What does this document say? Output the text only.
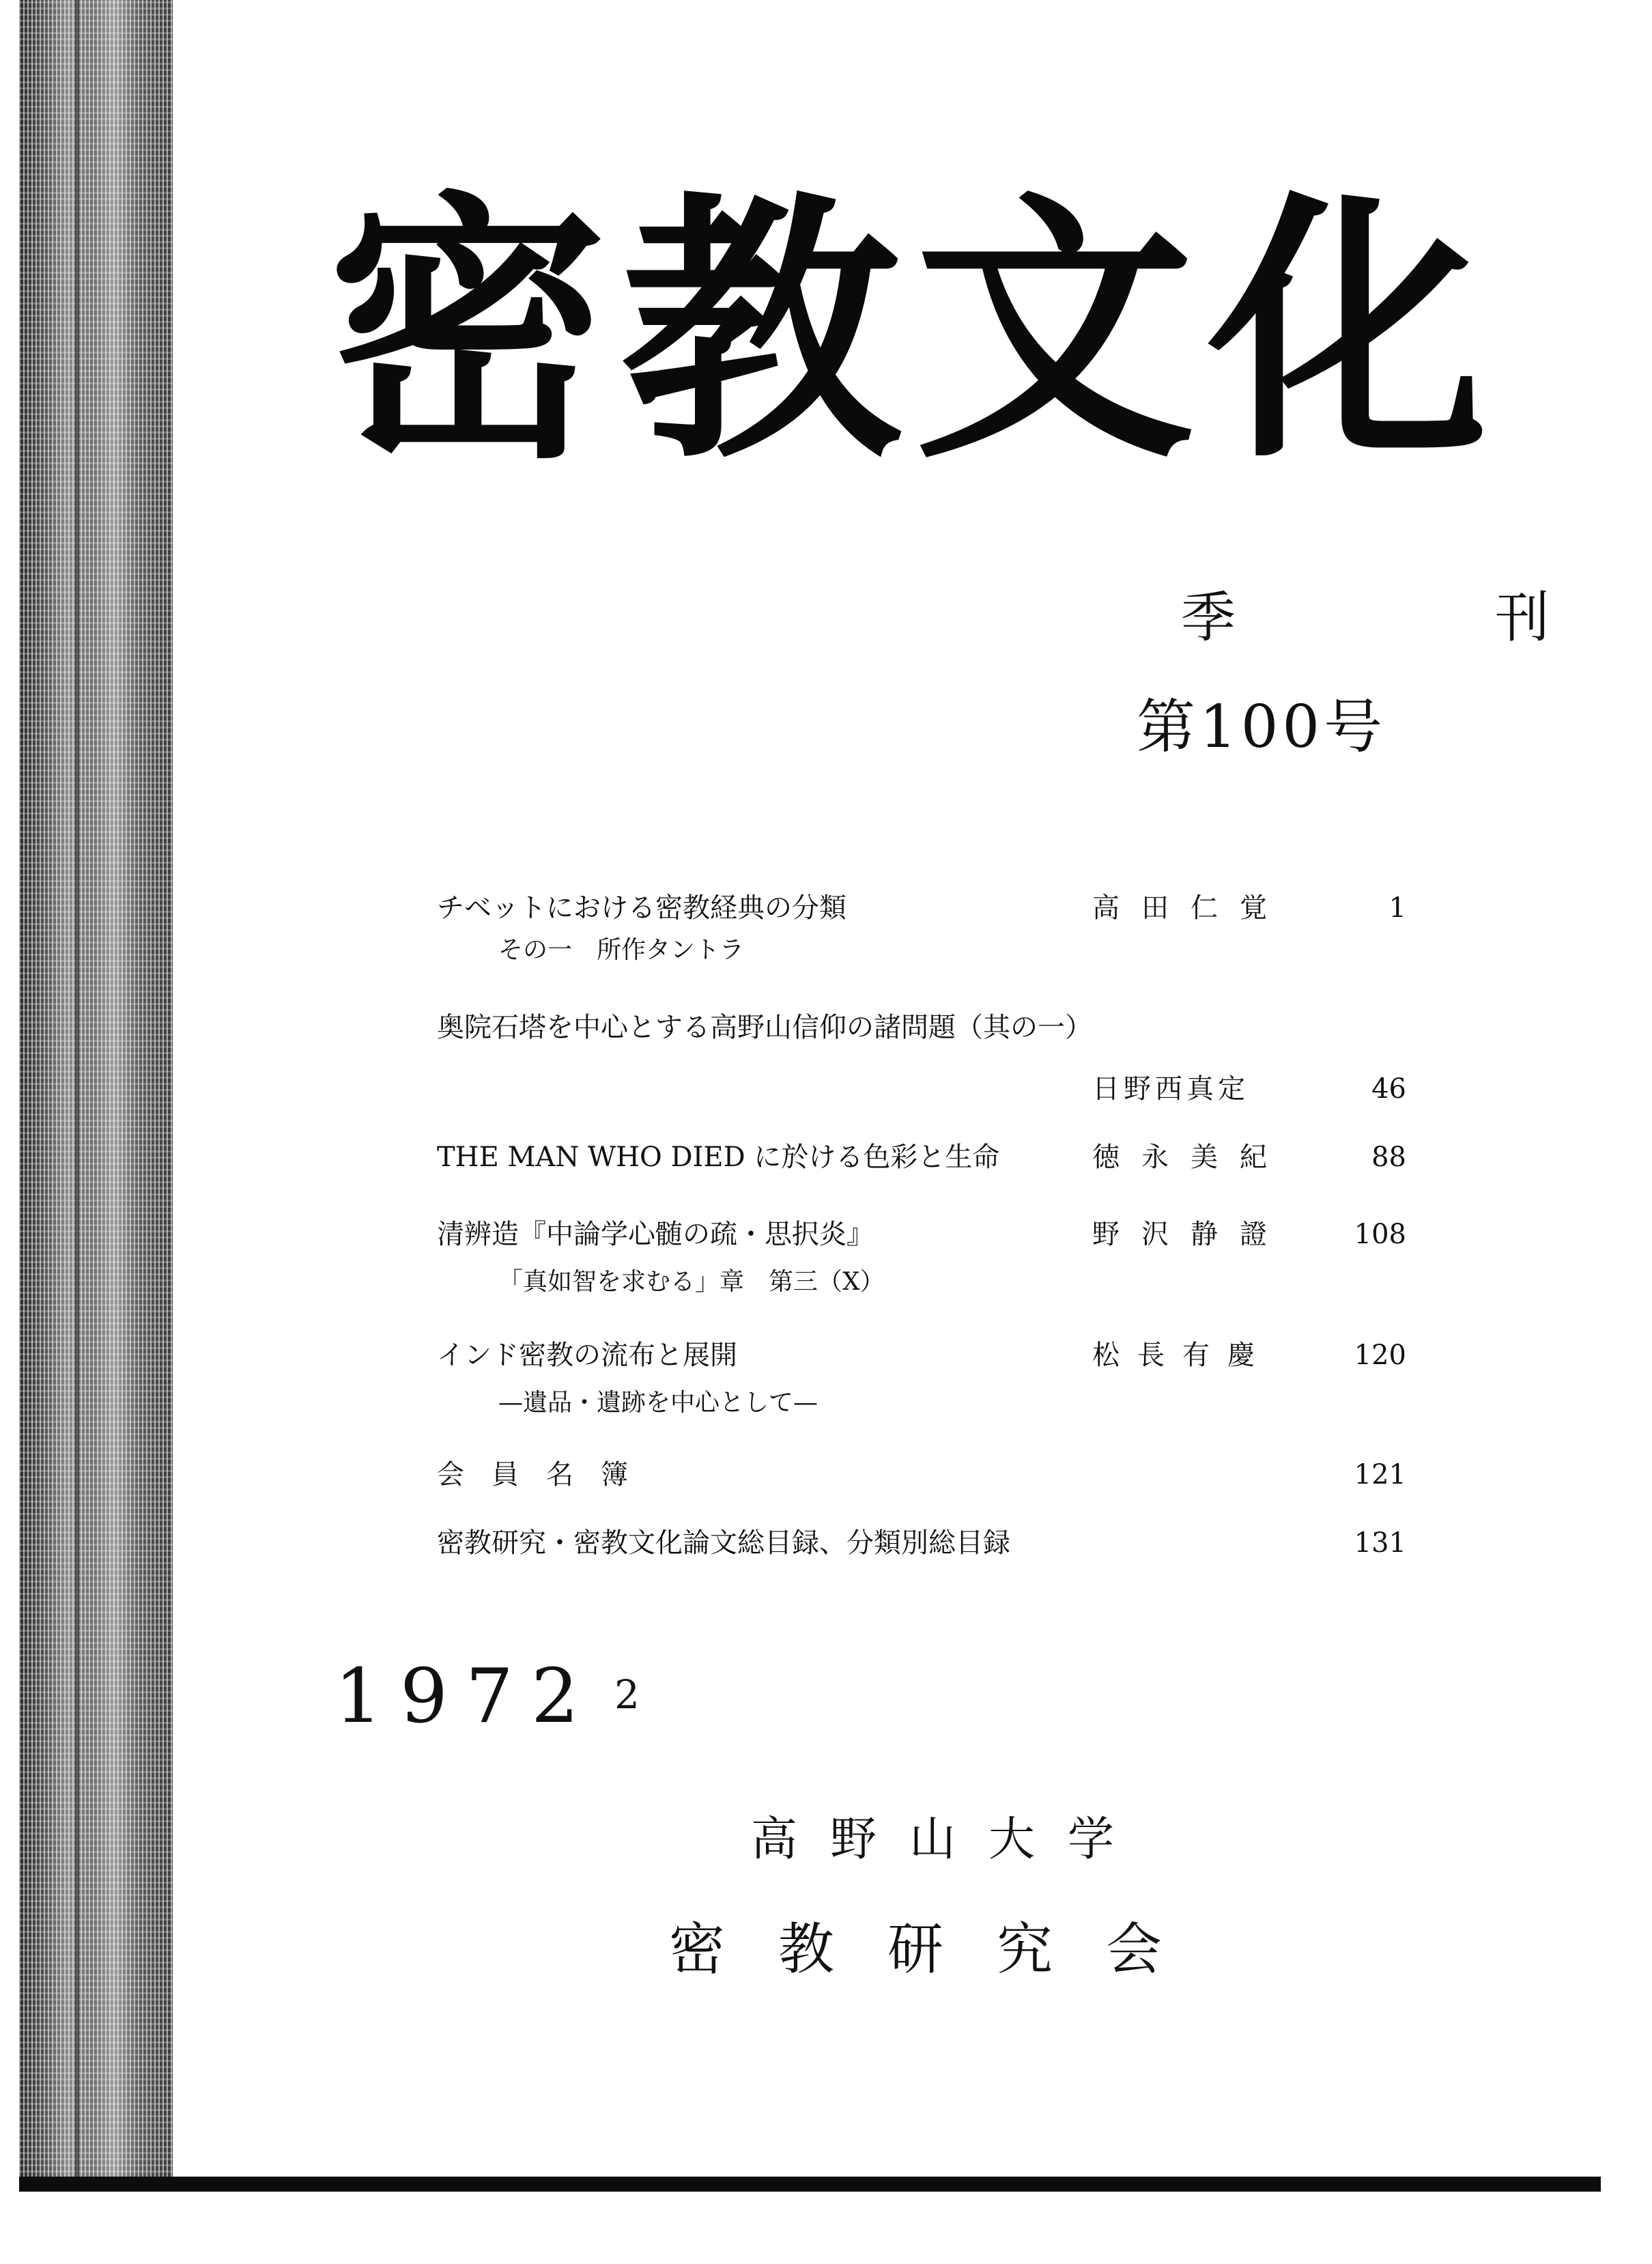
密教文化
季　刊
第100号
チベットにおける密教経典の分類	高田仁覚	1
その一　所作タントラ
奥院石塔を中心とする高野山信仰の諸問題（其の一）
日野西真定	46
THE MAN WHO DIED に於ける色彩と生命	徳永美紀	88
清辨造『中論学心髄の疏・思択炎』	野沢静證 108
「真如智を求むる」章　第三（X）
インド密教の流布と展開	松長有慶	120
—遺品・遺跡を中心として—
会　員　名　簿	121
密教研究・密教文化論文総目録、分類別総目録	131
1972 2
高野山大学
密教研究会
